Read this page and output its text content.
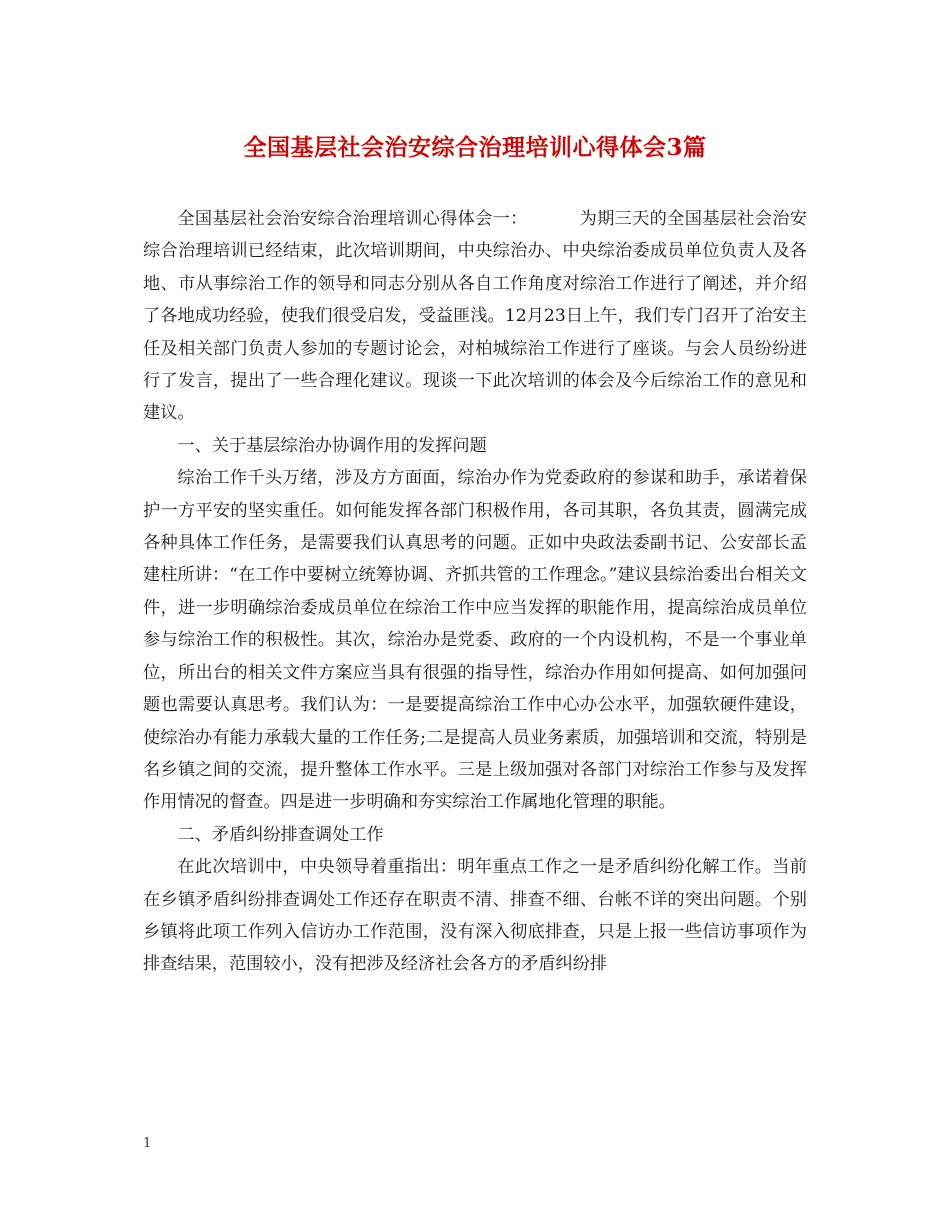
全国基层社会治安综合治理培训心得体会3篇

全国基层社会治安综合治理培训心得体会一：	为期三天的全国基层社会治安综合治理培训已经结束，此次培训期间，中央综治办、中央综治委成员单位负责人及各地、市从事综治工作的领导和同志分别从各自工作角度对综治工作进行了阐述，并介绍了各地成功经验，使我们很受启发，受益匪浅。12月23日上午，我们专门召开了治安主任及相关部门负责人参加的专题讨论会，对柏城综治工作进行了座谈。与会人员纷纷进行了发言，提出了一些合理化建议。现谈一下此次培训的体会及今后综治工作的意见和建议。

一、关于基层综治办协调作用的发挥问题

综治工作千头万绪，涉及方方面面，综治办作为党委政府的参谋和助手，承诺着保护一方平安的坚实重任。如何能发挥各部门积极作用，各司其职，各负其责，圆满完成各种具体工作任务，是需要我们认真思考的问题。正如中央政法委副书记、公安部长孟建柱所讲：“在工作中要树立统筹协调、齐抓共管的工作理念。”建议县综治委出台相关文件，进一步明确综治委成员单位在综治工作中应当发挥的职能作用，提高综治成员单位参与综治工作的积极性。其次，综治办是党委、政府的一个内设机构，不是一个事业单位，所出台的相关文件方案应当具有很强的指导性，综治办作用如何提高、如何加强问题也需要认真思考。我们认为：一是要提高综治工作中心办公水平，加强软硬件建设，使综治办有能力承载大量的工作任务;二是提高人员业务素质，加强培训和交流，特别是名乡镇之间的交流，提升整体工作水平。三是上级加强对各部门对综治工作参与及发挥作用情况的督查。四是进一步明确和夯实综治工作属地化管理的职能。

二、矛盾纠纷排查调处工作

在此次培训中，中央领导着重指出：明年重点工作之一是矛盾纠纷化解工作。当前在乡镇矛盾纠纷排查调处工作还存在职责不清、排查不细、台帐不详的突出问题。个别乡镇将此项工作列入信访办工作范围，没有深入彻底排查，只是上报一些信访事项作为排查结果，范围较小，没有把涉及经济社会各方的矛盾纠纷排

1
